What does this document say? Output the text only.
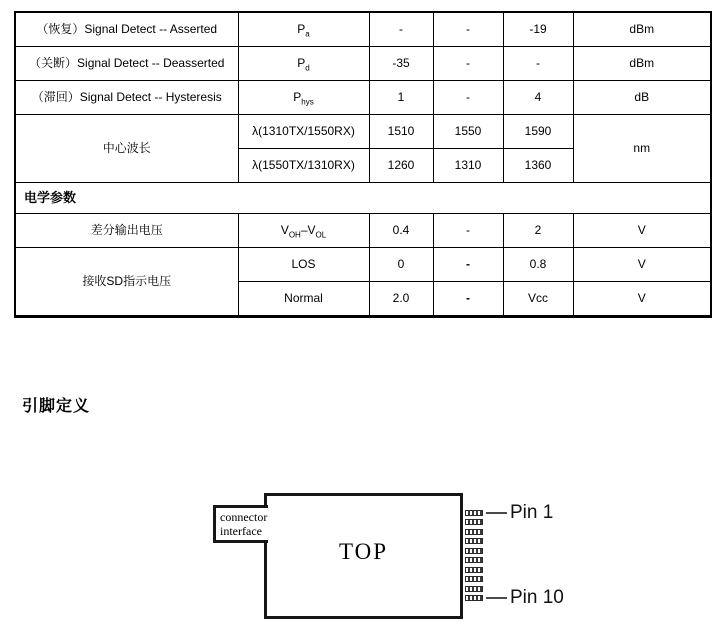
（恢复）Signal Detect -- Asserted	$P_a$	-	-	-19	dBm
（关断）Signal Detect -- Deasserted	$P_d$	-35	-	-	dBm
（滞回）Signal Detect -- Hysteresis	$P_{hys}$	1	-	4	dB
中心波长	λ(1310TX/1550RX)	1510	1550	1590	nm
	λ(1550TX/1310RX)	1260	1310	1360	
电学参数					
差分输出电压	$V_{OH}-V_{OL}$	0.4	-	2	V
接收SD指示电压	LOS	0	-	0.8	V
	Normal	2.0	-	Vcc	V
引脚定义
TOP
connector
interface
Pin 1
Pin 10
